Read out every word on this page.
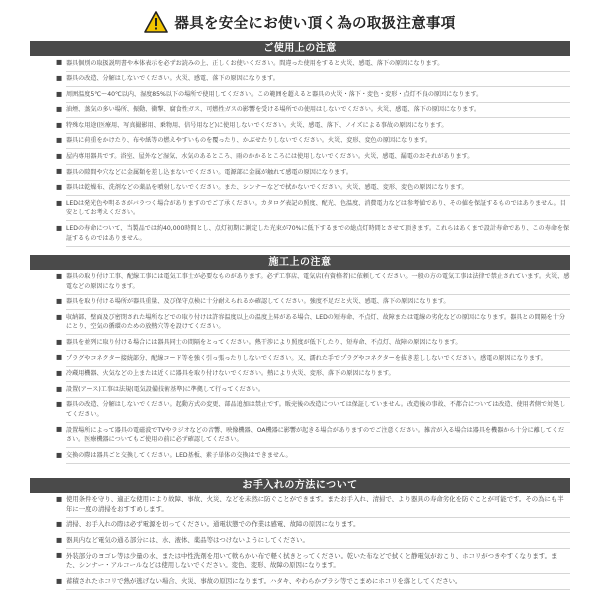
器具を安全にお使い頂く為の取扱注意事項
ご使用上の注意
■ 器具個別の取扱説明書や本体表示を必ずお読みの上、正しくお使いください。間違った使用をすると火災、感電、落下の原因になります。
■ 器具の改造、分解はしないでください。火災、感電、落下の原因になります。
■ 周囲温度5℃～40℃以内、湿度85%以下の場所で使用してください。この範囲を超えると器具の火災・落下・変色・変形・点灯不良の原因になります。
■ 油煙、蒸気の多い場所、振動、衝撃、腐食性ガス、可燃性ガスの影響を受ける場所での使用はしないでください。火災、感電、落下の原因になります。
■ 特殊な用途(医療用、写真撮影用、乗物用、信号用など)に使用しないでください。火災、感電、落下、ノイズによる事故の原因になります。
■ 器具に荷重をかけたり、布や紙等の燃えやすいものを覆ったり、かぶせたりしないでください。火災、変形、変色の原因になります。
■ 屋内専用器具です。浴室、屋外など湿気、水気のあるところ、雨のかかるところには使用しないでください。火災、感電、漏電のおそれがあります。
■ 器具の隙間や穴などに金属類を差し込まないでください。電源部に金属が触れて感電の原因になります。
■ 器具は乾燥布、洗剤などの薬品を噴射しないでください。また、シンナーなどで拭かないでください。火災、感電、変形、変色の原因になります。
■ LEDは発光色や明るさがバラつく場合がありますのでご了承ください。カタログ表記の照度、配光、色温度、消費電力などは参考値であり、その値を保証するものではありません。目安としてお考えください。
■ LEDの寿命について、当製品では約40,000時間とし、点灯初期に測定した光束が70%に低下するまでの総点灯時間とさせて頂きます。これらはあくまで設計寿命であり、この寿命を保証するものではありません。
施工上の注意
■ 器具の取り付け工事、配線工事には電気工事士が必要なものがあります。必ず工事店、電気店(有資格者)に依頼してください。一般の方の電気工事は法律で禁止されています。火災、感電などの原因になります。
■ 器具を取り付ける場所が器具重量、及び保守点検に十分耐えられるか確認してください。強度不足だと火災、感電、落下の原因になります。
■ 収納部、壁面及び密閉された場所などでの取り付けは許容温度以上の温度上昇がある場合、LEDの短寿命、不点灯、故障または電線の劣化などの原因になります。器具との間隔を十分にとり、空気の循環のための放熱穴等を設けてください。
■ 器具を並列に取り付ける場合には器具同士の間隔をとってください。熱干渉により照度が低下したり、短寿命、不点灯、故障の原因になります。
■ プラグやコネクター接続部分、配線コード等を強く引っ張ったりしないでください。又、濡れた手でプラグやコネクターを抜き差ししないでください。感電の原因になります。
■ 冷蔵用機器、火気などの上または近くに器具を取り付けないでください。熱により火災、変形、落下の原因になります。
■ 設置(アース)工事は法規(電気設備技術基準)に準拠して行ってください。
■ 器具の改造、分解はしないでください。起動方式の変更、部品追加は禁止です。販売後の改造については保証していません。改造後の事故、不都合については改造、使用者側で対処してください。
■ 設置場所によって器具の電磁波でTVやラジオなどの音響、映像機器、OA機器に影響が起きる場合がありますのでご注意ください。雑音が入る場合は器具を機器から十分に離してください。医療機器についてもご使用の前に必ず確認してください。
■ 交換の際は器具ごと交換してください。LED基板、素子単体の交換はできません。
お手入れの方法について
■ 使用条件を守り、適正な使用により故障、事故、火災、などを未然に防ぐことができます。またお手入れ、清掃で、より器具の寿命劣化を防ぐことが可能です。その為にも半年に一度の清掃をおすすめします。
■ 清掃、お手入れの際は必ず電源を切ってください。通電状態での作業は感電、故障の原因になります。
■ 器具内など電気の通る部分には、水、液体、薬品等はつけないようにしてください。
■ 外装部分のヨゴレ等は少量の水、または中性洗剤を用いて軟らかい布で軽く拭きとってください。乾いた布などで拭くと静電気がおこり、ホコリがつきやすくなります。また、シンナー・アルコールなどは使用しないでください。変色、変形、故障の原因になります。
■ 蓄積されたホコリで熱が逃げない場合、火災、事故の原因になります。ハタキ、やわらかブラシ等でこまめにホコリを落としてください。
